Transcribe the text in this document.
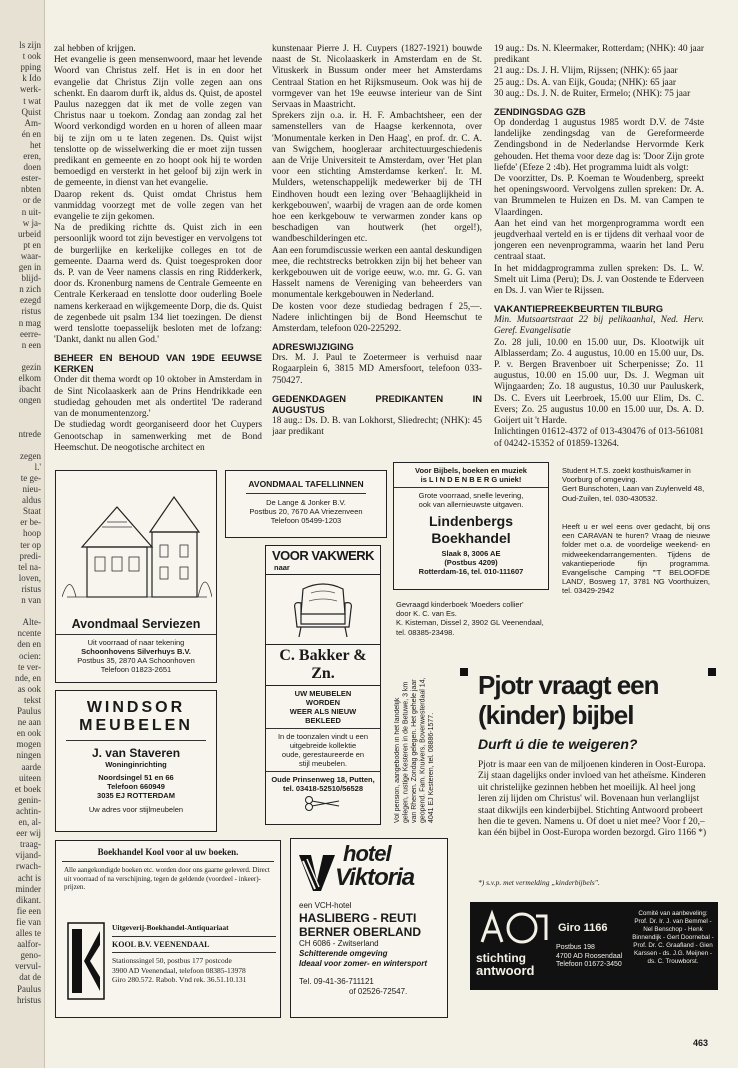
ls zijn
t ook
pping
k Ido
werk-
t wat
Quist
Am-
én en
het
eren,
doen
ester-
nbten
or de
n uit-
w ja-
urbeid
pt en
waar-
gen in
blijd-
n zich
ezegd
ristus
n mag
eerre-
n een
gezin
elkom
ibacht
ongen
ntrede
zegen
l.'
te ge-
nieu-
aldus
Staat
er be-
hoop
ter op
predi-
tel na-
loven,
ristus
n van
Alte-
ncente
den en
ocien:
te ver-
nde, en
as ook
tekst
Paulus
ne aan
en ook
mogen
ningen
aarde
uiteen
et boek
genin-
achtin-
en, al-
eer wij
traag-
vijand-
rwach-
acht is
minder
dikant.
fie een
fie van
alles te
aalfor-
geno-
vervul-
dat de
Paulus
hristus

zal hebben of krijgen.

Het evangelie is geen mensenwoord, maar het levende Woord van Christus zelf. Het is in en door het evangelie dat Christus Zijn volle zegen aan ons schenkt. En daarom durft ik, aldus ds. Quist, de apostel Paulus nazeggen dat ik met de volle zegen van Christus naar u toekom. Zondag aan zondag zal het Woord verkondigd worden en u horen of alleen maar bij te zijn om u te laten zegenen. Ds. Quist wijst tenslotte op de wisselwerking die er moet zijn tussen predikant en gemeente en zo hoopt ook hij te worden bemoedigd en versterkt in het geloof bij zijn werk in de gemeente, in dienst van het evangelie.

Daarop rekent ds. Quist omdat Christus hem vanmiddag voorzegt met de volle zegen van het evangelie te zijn gekomen.

Na de prediking richtte ds. Quist zich in een persoonlijk woord tot zijn bevestiger en vervolgens tot de burgerlijke en kerkelijke colleges en tot de gemeente. Daarna werd ds. Quist toegesproken door ds. P. van de Veer namens classis en ring Ridderkerk, door ds. Kronenburg namens de Centrale Gemeente en Centrale Kerkeraad en tenslotte door ouderling Boele namens kerkeraad en wijkgemeente Dorp, die ds. Quist de zegenbede uit psalm 134 liet toezingen. De dienst werd tenslotte toepasselijk besloten met de lofzang: 'Dankt, dankt nu allen God.'

BEHEER EN BEHOUD VAN 19DE EEUWSE KERKEN

Onder dit thema wordt op 10 oktober in Amsterdam in de Sint Nicolaaskerk aan de Prins Hendrikkade een studiedag gehouden met als ondertitel 'De raderand van de monumentenzorg.'

De studiedag wordt georganiseerd door het Cuypers Genootschap in samenwerking met de Bond Heemschut. De neogotische architect en

kunstenaar Pierre J. H. Cuypers (1827-1921) bouwde naast de St. Nicolaaskerk in Amsterdam en de St. Vituskerk in Bussum onder meer het Amsterdams Centraal Station en het Rijksmuseum. Ook was hij de vormgever van het 19e eeuwse interieur van de Sint Servaas in Maastricht.

Sprekers zijn o.a. ir. H. F. Ambachtsheer, een der samenstellers van de Haagse kerkennota, over 'Monumentale kerken in Den Haag', en prof. dr. C. A. van Swigchem, hoogleraar architectuurgeschiedenis aan de Vrije Universiteit te Amsterdam, over 'Het plan voor een stichting Amsterdamse kerken'. Ir. M. Mulders, wetenschappelijk medewerker bij de TH Eindhoven houdt een lezing over 'Behaaglijkheid in kerkgebouwen', waarbij de vragen aan de orde komen hoe een kerkgebouw te verwarmen zonder kans op beschadigen van houtwerk (het orgel!), wandbeschilderingen etc.

Aan een forumdiscussie werken een aantal deskundigen mee, die rechtstrecks betrokken zijn bij het beheer van kerkgebouwen uit de vorige eeuw, w.o. mr. G. G. van Hasselt namens de Vereniging van beheerders van monumentale kerkgebouwen in Nederland.

De kosten voor deze studiedag bedragen f 25,—. Nadere inlichtingen bij de Bond Heemschut te Amsterdam, telefoon 020-225292.

ADRESWIJZIGING

Drs. M. J. Paul te Zoetermeer is verhuisd naar Rogaarplein 6, 3815 MD Amersfoort, telefoon 033-750427.

GEDENKDAGEN PREDIKANTEN IN AUGUSTUS

18 aug.: Ds. D. B. van Lokhorst, Sliedrecht; (NHK): 45 jaar predikant

19 aug.: Ds. N. Kleermaker, Rotterdam; (NHK): 40 jaar predikant

21 aug.: Ds. J. H. Vlijm, Rijssen; (NHK): 65 jaar

25 aug.: Ds. A. van Eijk, Gouda; (NHK): 65 jaar

30 aug.: Ds. J. N. de Ruiter, Ermelo; (NHK): 75 jaar

ZENDINGSDAG GZB

Op donderdag 1 augustus 1985 wordt D.V. de 74ste landelijke zendingsdag van de Gereformeerde Zendingsbond in de Nederlandse Hervormde Kerk gehouden. Het thema voor deze dag is: 'Door Zijn grote liefde' (Efeze 2 :4b). Het programma luidt als volgt:

De voorzitter, Ds. P. Koeman te Woudenberg, spreekt het openingswoord. Vervolgens zullen spreken: Dr. A. van Brummelen te Huizen en Ds. M. van Campen te Vlaardingen.

Aan het eind van het morgenprogramma wordt een jeugdverhaal verteld en is er tijdens dit verhaal voor de jongeren een nevenprogramma, waarin het land Peru centraal staat.

In het middagprogramma zullen spreken: Ds. L. W. Smelt uit Lima (Peru); Ds. J. van Oostende te Ederveen en Ds. J. van Wier te Rijssen.

VAKANTIEPREEKBEURTEN TILBURG

Min. Mutsaartstraat 22 bij pelikaanhal, Ned. Herv. Geref. Evangelisatie

Zo. 28 juli, 10.00 en 15.00 uur, Ds. Klootwijk uit Alblasserdam; Zo. 4 augustus, 10.00 en 15.00 uur, Ds. P. v. Bergen Bravenboer uit Scherpenisse; Zo. 11 augustus, 10.00 en 15.00 uur, Ds. J. Wegman uit Wijngaarden; Zo. 18 augustus, 10.30 uur Pauluskerk, Ds. C. Evers uit Leerbroek, 15.00 uur Elim, Ds. C. Evers; Zo. 25 augustus 10.00 en 15.00 uur, Ds. A. D. Goijert uit 't Harde.

Inlichtingen 01612-4372 of 013-430476 of 013-561081 of 04242-15352 of 01859-13264.

Avondmaal Serviezen
Uit voorraad of naar tekening
Schoonhovens Silverhuys B.V.
Postbus 35, 2870 AA Schoonhoven
Telefoon 01823-2651
AVONDMAAL TAFELLINNEN
De Lange & Jonker B.V.
Postbus 20, 7670 AA Vriezenveen
Telefoon 05499-1203
Voor Bijbels, boeken en muziek
is L I N D E N B E R G uniek!
Grote voorraad, snelle levering,
ook van allernieuwste uitgaven.
Lindenbergs
Boekhandel
Slaak 8, 3006 AE
(Postbus 4209)
Rotterdam-16, tel. 010-111607
Gevraagd kinderboek 'Moeders collier'
door K. C. van Es.
K. Kisteman, Dissel 2, 3902 GL Veenendaal, tel. 08385-23498.
Student H.T.S. zoekt kosthuis/kamer in Voorburg of omgeving.
Gert Bunschoten, Laan van Zuylenveld 48, Oud-Zuilen, tel. 030-430532.
Heeft u er wel eens over gedacht, bij ons een CARAVAN te huren? Vraag de nieuwe folder met o.a. de voordelige weekend- en midweekendarrangementen. Tijdens de vakantieperiode fijn programma. Evangelische Camping "'T BELOOFDE LAND', Bosweg 17, 3781 NG Voorthuizen, tel. 03429-2942
VOOR VAKWERK
naar
C. Bakker & Zn.
UW MEUBELEN
WORDEN
WEER ALS NIEUW
BEKLEED
In de toonzalen vindt u een
uitgebreide kollektie
oude, gerestaureerde en
stijl meubelen.
Oude Prinsenweg 18, Putten,
tel. 03418-52510/56528	Vol pension, aangeboden in het landelijk gelegen, rustige Kesteren in de Betuwe, 3 km van Rhenen. Zondag gelegen. Het gehele jaar geopend. Fam. Knuivers, Bovenwesterdaal 14, 4041 EJ Kesteren, tel. 08886-1577.
WINDSOR
MEUBELEN
J. van Staveren
Woninginrichting
Noordsingel 51 en 66
Telefoon 660949
3035 EJ ROTTERDAM
Uw adres voor stijlmeubelen
Boekhandel Kool voor al uw boeken.
Alle aangekondigde boeken etc. worden door ons gaarne geleverd. Direct uit voorraad of na verschijning, tegen de geldende (voordeel - inkeer)-prijzen.
Uitgeverij-Boekhandel-Antiquariaat
KOOL B.V. VEENENDAAL
Stationssingel 50, postbus 177 postcode
3900 AD Veenendaal, telefoon 08385-13978
Giro 280.572. Rabob. Vnd rek. 36.51.10.131
hotel
Viktoria
een VCH-hotel
HASLIBERG - REUTI
BERNER OBERLAND
CH 6086 - Zwitserland
Schitterende omgeving
Ideaal voor zomer- en wintersport
Tel. 09-41-36-711121
of 02526-72547.
Pjotr vraagt een
(kinder) bijbel
Durft ú die te weigeren?
Pjotr is maar een van de miljoenen kinderen in Oost-Europa. Zij staan dagelijks onder invloed van het atheïsme. Kinderen uit christelijke gezinnen hebben het moeilijk. Al heel jong leren zij lijden om Christus' wil. Bovenaan hun verlanglijst staat dikwijls een kinderbijbel. Stichting Antwoord probeert hen die te geven. Namens u. Of doet u niet mee? Voor f 20,– kan één bijbel in Oost-Europa worden bezorgd. Giro 1166 *)
*) s.v.p. met vermelding „kinderbijbels".
stichting
antwoord
Giro 1166
Postbus 198
4700 AD Roosendaal
Telefoon 01672-3450
Comité van aanbeveling: Prof. Dr. Ir. J. van Bemmel - Nel Benschop - Henk Binnendijk - Gert Doornebal - Prof. Dr. C. Graafland - Gien Karssen - ds. J.G. Meijnen - ds. C. Trouwborst.
463
